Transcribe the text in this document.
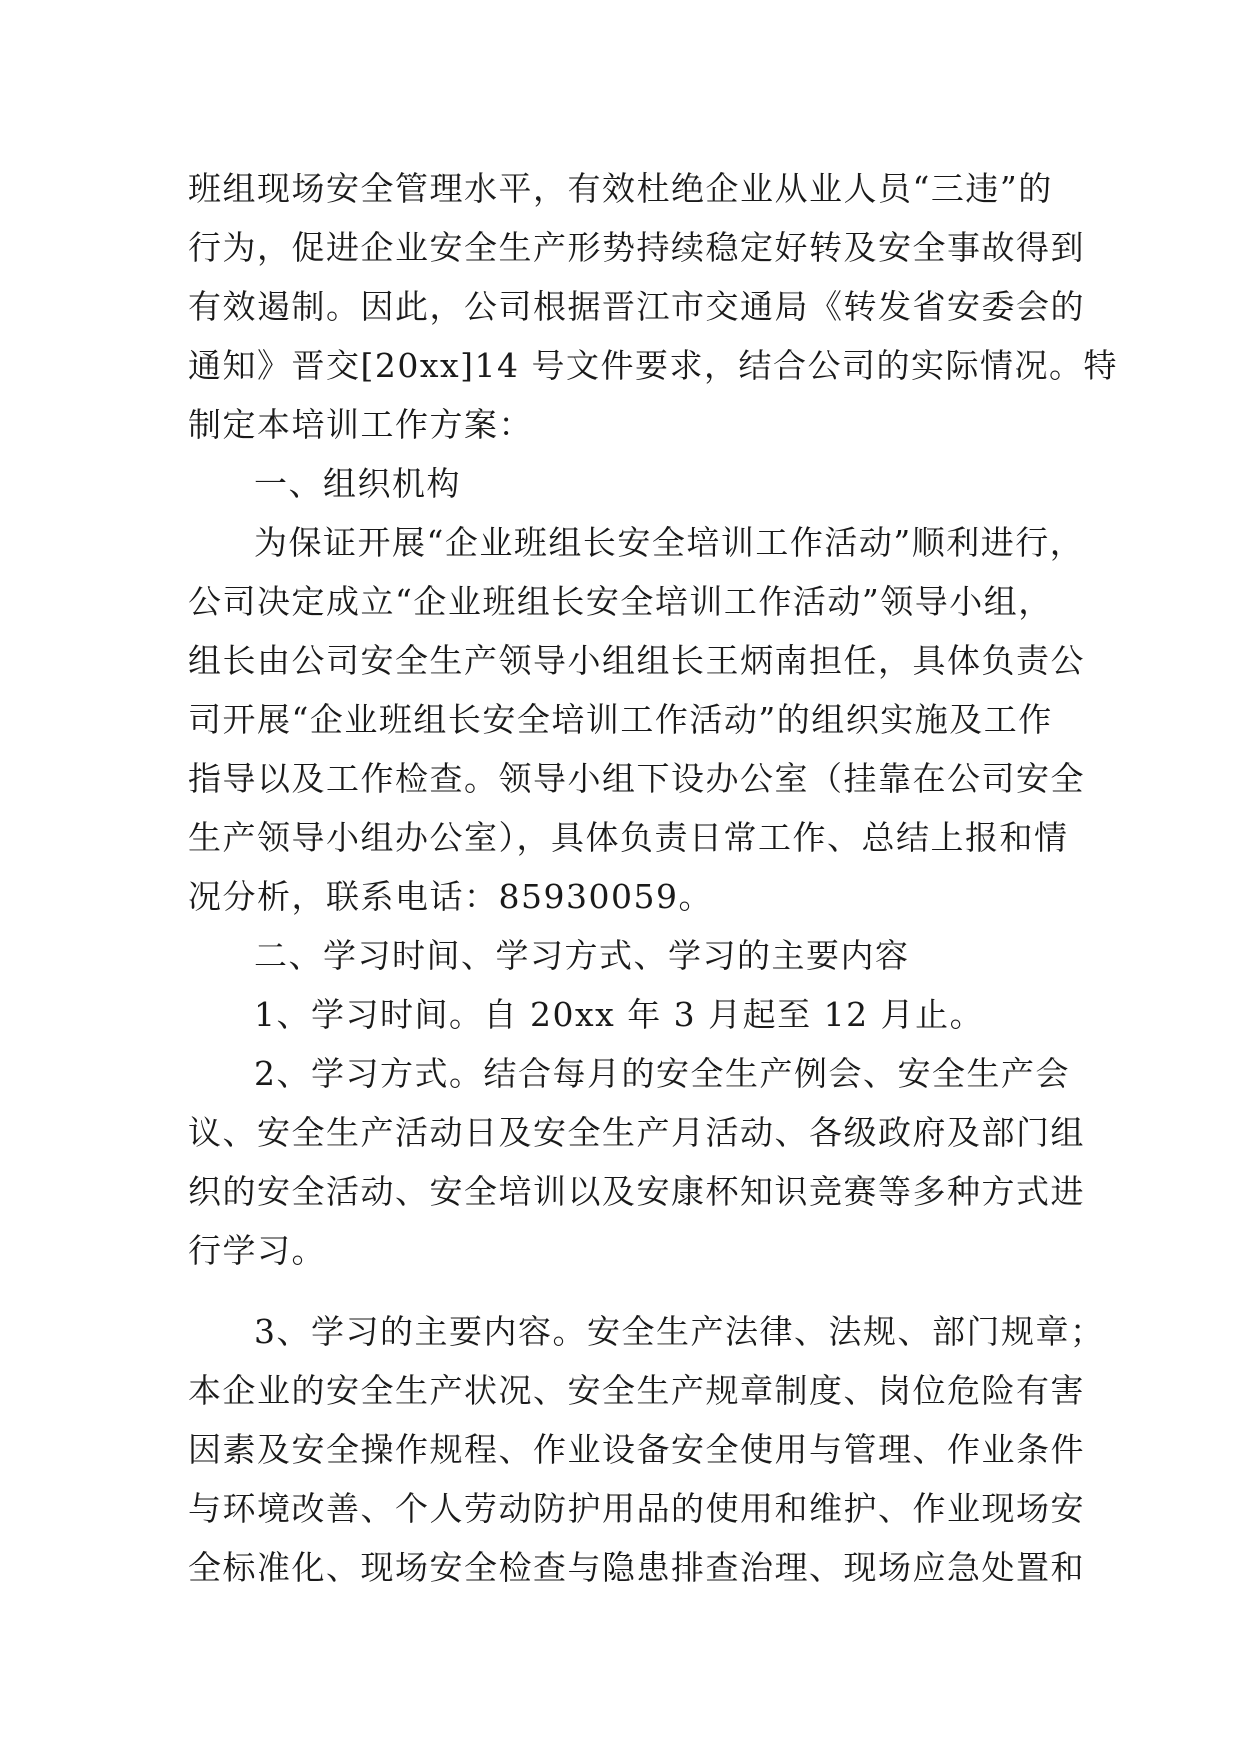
班组现场安全管理水平，有效杜绝企业从业人员“三违”的
行为，促进企业安全生产形势持续稳定好转及安全事故得到
有效遏制。因此，公司根据晋江市交通局《转发省安委会的
通知》晋交[20xx]14 号文件要求，结合公司的实际情况。特
制定本培训工作方案：
一、组织机构
为保证开展“企业班组长安全培训工作活动”顺利进行，
公司决定成立“企业班组长安全培训工作活动”领导小组，
组长由公司安全生产领导小组组长王炳南担任，具体负责公
司开展“企业班组长安全培训工作活动”的组织实施及工作
指导以及工作检查。领导小组下设办公室（挂靠在公司安全
生产领导小组办公室），具体负责日常工作、总结上报和情
况分析，联系电话：85930059。
二、学习时间、学习方式、学习的主要内容
1、学习时间。自 20xx 年 3 月起至 12 月止。
2、学习方式。结合每月的安全生产例会、安全生产会
议、安全生产活动日及安全生产月活动、各级政府及部门组
织的安全活动、安全培训以及安康杯知识竞赛等多种方式进
行学习。
3、学习的主要内容。安全生产法律、法规、部门规章；
本企业的安全生产状况、安全生产规章制度、岗位危险有害
因素及安全操作规程、作业设备安全使用与管理、作业条件
与环境改善、个人劳动防护用品的使用和维护、作业现场安
全标准化、现场安全检查与隐患排查治理、现场应急处置和
